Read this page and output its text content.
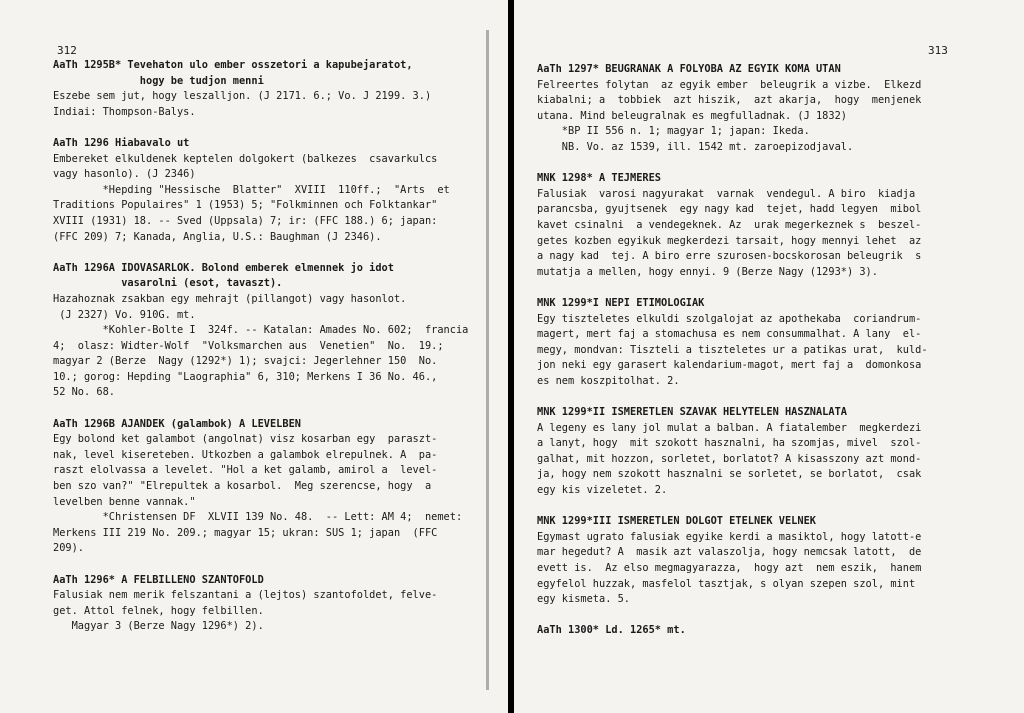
312
AaTh 1295B* Tevehaton ulo ember osszetori a kapubejaratot,
hogy be tudjon menni
Eszebe sem jut, hogy leszalljon. (J 2171. 6.; Vo. J 2199. 3.)
Indiai: Thompson-Balys.
AaTh 1296 Hiabavalo ut
Embereket elkuldenek keptelen dolgokert (balkezes  csavarkulcs
vagy hasonlo). (J 2346)
*Hepding "Hessische  Blatter"  XVIII  110ff.;  "Arts  et
Traditions Populaires" 1 (1953) 5; "Folkminnen och Folktankar"
XVIII (1931) 18. -- Sved (Uppsala) 7; ir: (FFC 188.) 6; japan:
(FFC 209) 7; Kanada, Anglia, U.S.: Baughman (J 2346).
AaTh 1296A IDOVASARLOK. Bolond emberek elmennek jo idot
vasarolni (esot, tavaszt).
Hazahoznak zsakban egy mehrajt (pillangot) vagy hasonlot.
(J 2327) Vo. 910G. mt.
*Kohler-Bolte I  324f. -- Katalan: Amades No. 602;  francia
4;  olasz: Widter-Wolf  "Volksmarchen aus  Venetien"  No.  19.;
magyar 2 (Berze  Nagy (1292*) 1); svajci: Jegerlehner 150  No.
10.; gorog: Hepding "Laographia" 6, 310; Merkens I 36 No. 46.,
52 No. 68.
AaTh 1296B AJANDEK (galambok) A LEVELBEN
Egy bolond ket galambot (angolnat) visz kosarban egy  paraszt-
nak, level kisereteben. Utkozben a galambok elrepulnek. A  pa-
raszt elolvassa a levelet. "Hol a ket galamb, amirol a  level-
ben szo van?" "Elrepultek a kosarbol.  Meg szerencse, hogy  a
levelben benne vannak."
*Christensen DF  XLVII 139 No. 48.  -- Lett: AM 4;  nemet:
Merkens III 219 No. 209.; magyar 15; ukran: SUS 1; japan  (FFC
209).
AaTh 1296* A FELBILLENO SZANTOFOLD
Falusiak nem merik felszantani a (lejtos) szantofoldet, felve-
get. Attol felnek, hogy felbillen.
Magyar 3 (Berze Nagy 1296*) 2).
313
AaTh 1297* BEUGRANAK A FOLYOBA AZ EGYIK KOMA UTAN
Felreertes folytan  az egyik ember  beleugrik a vizbe.  Elkezd
kiabalni; a  tobbiek  azt hiszik,  azt akarja,  hogy  menjenek
utana. Mind beleugralnak es megfulladnak. (J 1832)
*BP II 556 n. 1; magyar 1; japan: Ikeda.
NB. Vo. az 1539, ill. 1542 mt. zaroepizodjaval.
MNK 1298* A TEJMERES
Falusiak  varosi nagyurakat  varnak  vendegul. A biro  kiadja
parancsba, gyujtsenek  egy nagy kad  tejet, hadd legyen  mibol
kavet csinalni  a vendegeknek. Az  urak megerkeznek s  beszel-
getes kozben egyikuk megkerdezi tarsait, hogy mennyi lehet  az
a nagy kad  tej. A biro erre szurosen-bocskorosan beleugrik  s
mutatja a mellen, hogy ennyi. 9 (Berze Nagy (1293*) 3).
MNK 1299*I NEPI ETIMOLOGIAK
Egy tiszteletes elkuldi szolgalojat az apothekaba  coriandrum-
magert, mert faj a stomachusa es nem consummalhat. A lany  el-
megy, mondvan: Tiszteli a tiszteletes ur a patikas urat,  kuld-
jon neki egy garasert kalendarium-magot, mert faj a  domonkosa
es nem koszpitolhat. 2.
MNK 1299*II ISMERETLEN SZAVAK HELYTELEN HASZNALATA
A legeny es lany jol mulat a balban. A fiatalember  megkerdezi
a lanyt, hogy  mit szokott hasznalni, ha szomjas, mivel  szol-
galhat, mit hozzon, sorletet, borlatot? A kisasszony azt mond-
ja, hogy nem szokott hasznalni se sorletet, se borlatot,  csak
egy kis vizeletet. 2.
MNK 1299*III ISMERETLEN DOLGOT ETELNEK VELNEK
Egymast ugrato falusiak egyike kerdi a masiktol, hogy latott-e
mar hegedut? A  masik azt valaszolja, hogy nemcsak latott,  de
evett is.  Az elso megmagyarazza,  hogy azt  nem eszik,  hanem
egyfelol huzzak, masfelol tasztjak, s olyan szepen szol, mint
egy kismeta. 5.
AaTh 1300* Ld. 1265* mt.
